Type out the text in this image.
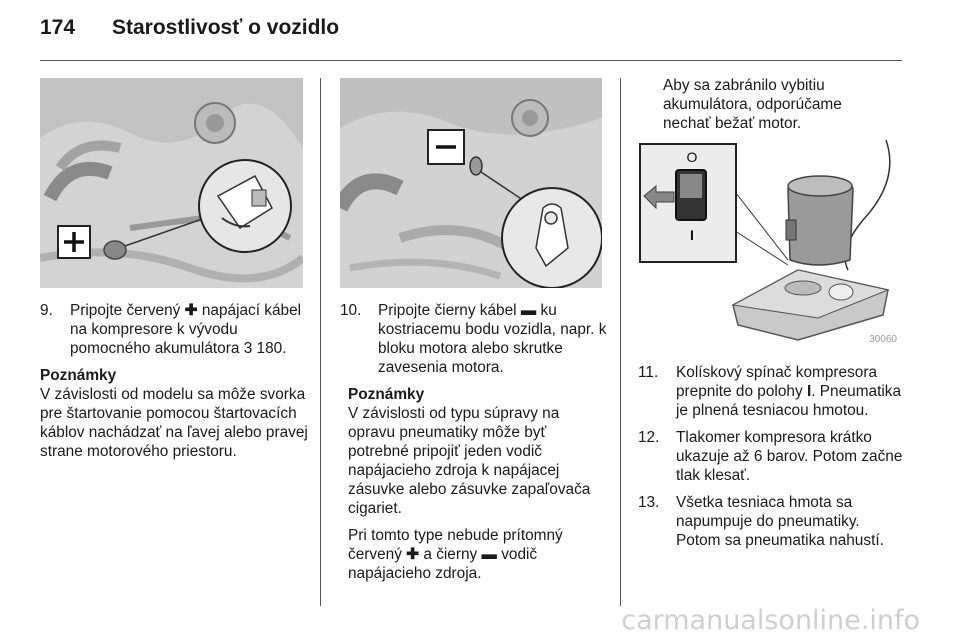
174 Starostlivosť o vozidlo
O
I
30060
9. Pripojte červený ✚ napájací kábel na kompresore k vývodu pomocného akumulátora 3 180.
Poznámky
V závislosti od modelu sa môže svorka pre štartovanie pomocou štartovacích káblov nachádzať na ľavej alebo pravej strane motorového priestoru.
10. Pripojte čierny kábel ▬ ku kostriacemu bodu vozidla, napr. k bloku motora alebo skrutke zavesenia motora.
Poznámky
V závislosti od typu súpravy na opravu pneumatiky môže byť potrebné pripojiť jeden vodič napájacieho zdroja k napájacej zásuvke alebo zásuvke zapaľovača cigariet.
Pri tomto type nebude prítomný červený ✚ a čierny ▬ vodič napájacieho zdroja.
Aby sa zabránilo vybitiu akumulátora, odporúčame nechať bežať motor.
11. Kolískový spínač kompresora prepnite do polohy I. Pneumatika je plnená tesniacou hmotou.
12. Tlakomer kompresora krátko ukazuje až 6 barov. Potom začne tlak klesať.
13. Všetka tesniaca hmota sa napumpuje do pneumatiky. Potom sa pneumatika nahustí.
carmanualsonline.info
